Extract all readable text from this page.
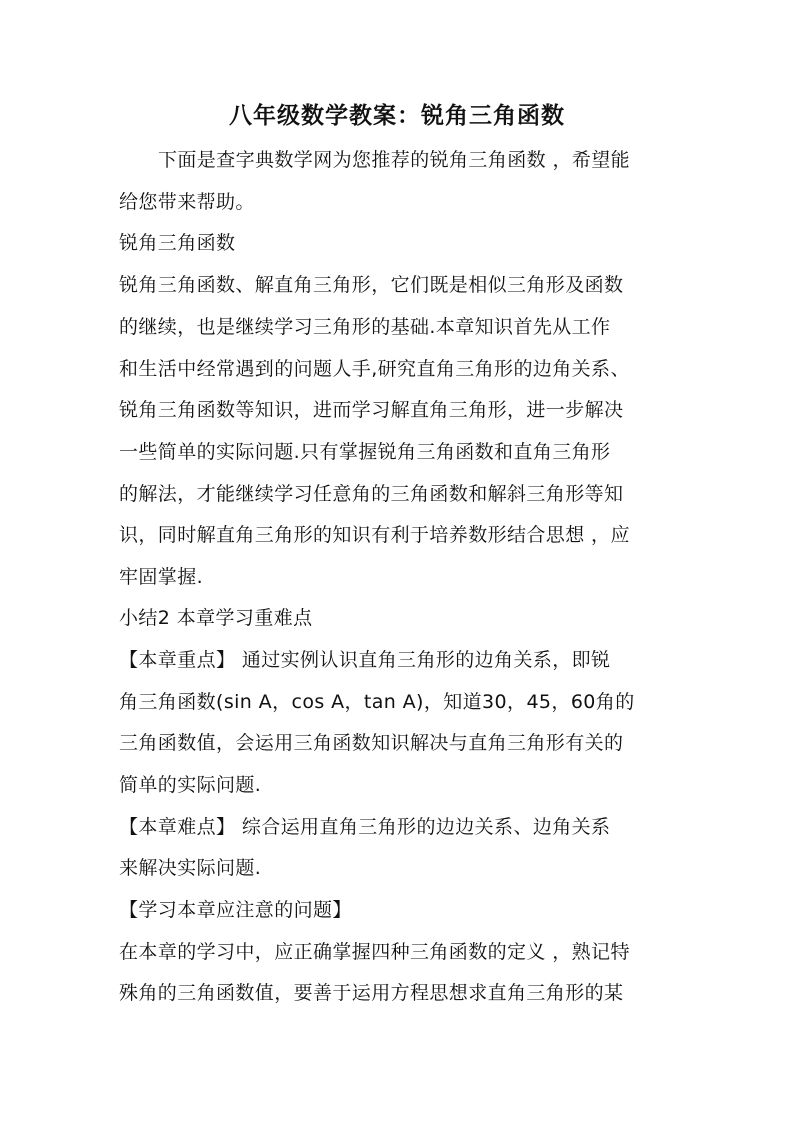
八年级数学教案：锐角三角函数
下面是查字典数学网为您推荐的锐角三角函数 ，希望能
给您带来帮助。
锐角三角函数
锐角三角函数、解直角三角形，它们既是相似三角形及函数
的继续，也是继续学习三角形的基础.本章知识首先从工作
和生活中经常遇到的问题人手,研究直角三角形的边角关系、
锐角三角函数等知识，进而学习解直角三角形，进一步解决
一些简单的实际问题.只有掌握锐角三角函数和直角三角形
的解法，才能继续学习任意角的三角函数和解斜三角形等知
识，同时解直角三角形的知识有利于培养数形结合思想 ，应
牢固掌握.
小结2 本章学习重难点
【本章重点】 通过实例认识直角三角形的边角关系，即锐
角三角函数(sin A，cos A，tan A)，知道30，45，60角的
三角函数值，会运用三角函数知识解决与直角三角形有关的
简单的实际问题.
【本章难点】 综合运用直角三角形的边边关系、边角关系
来解决实际问题.
【学习本章应注意的问题】
在本章的学习中，应正确掌握四种三角函数的定义 ，熟记特
殊角的三角函数值，要善于运用方程思想求直角三角形的某
